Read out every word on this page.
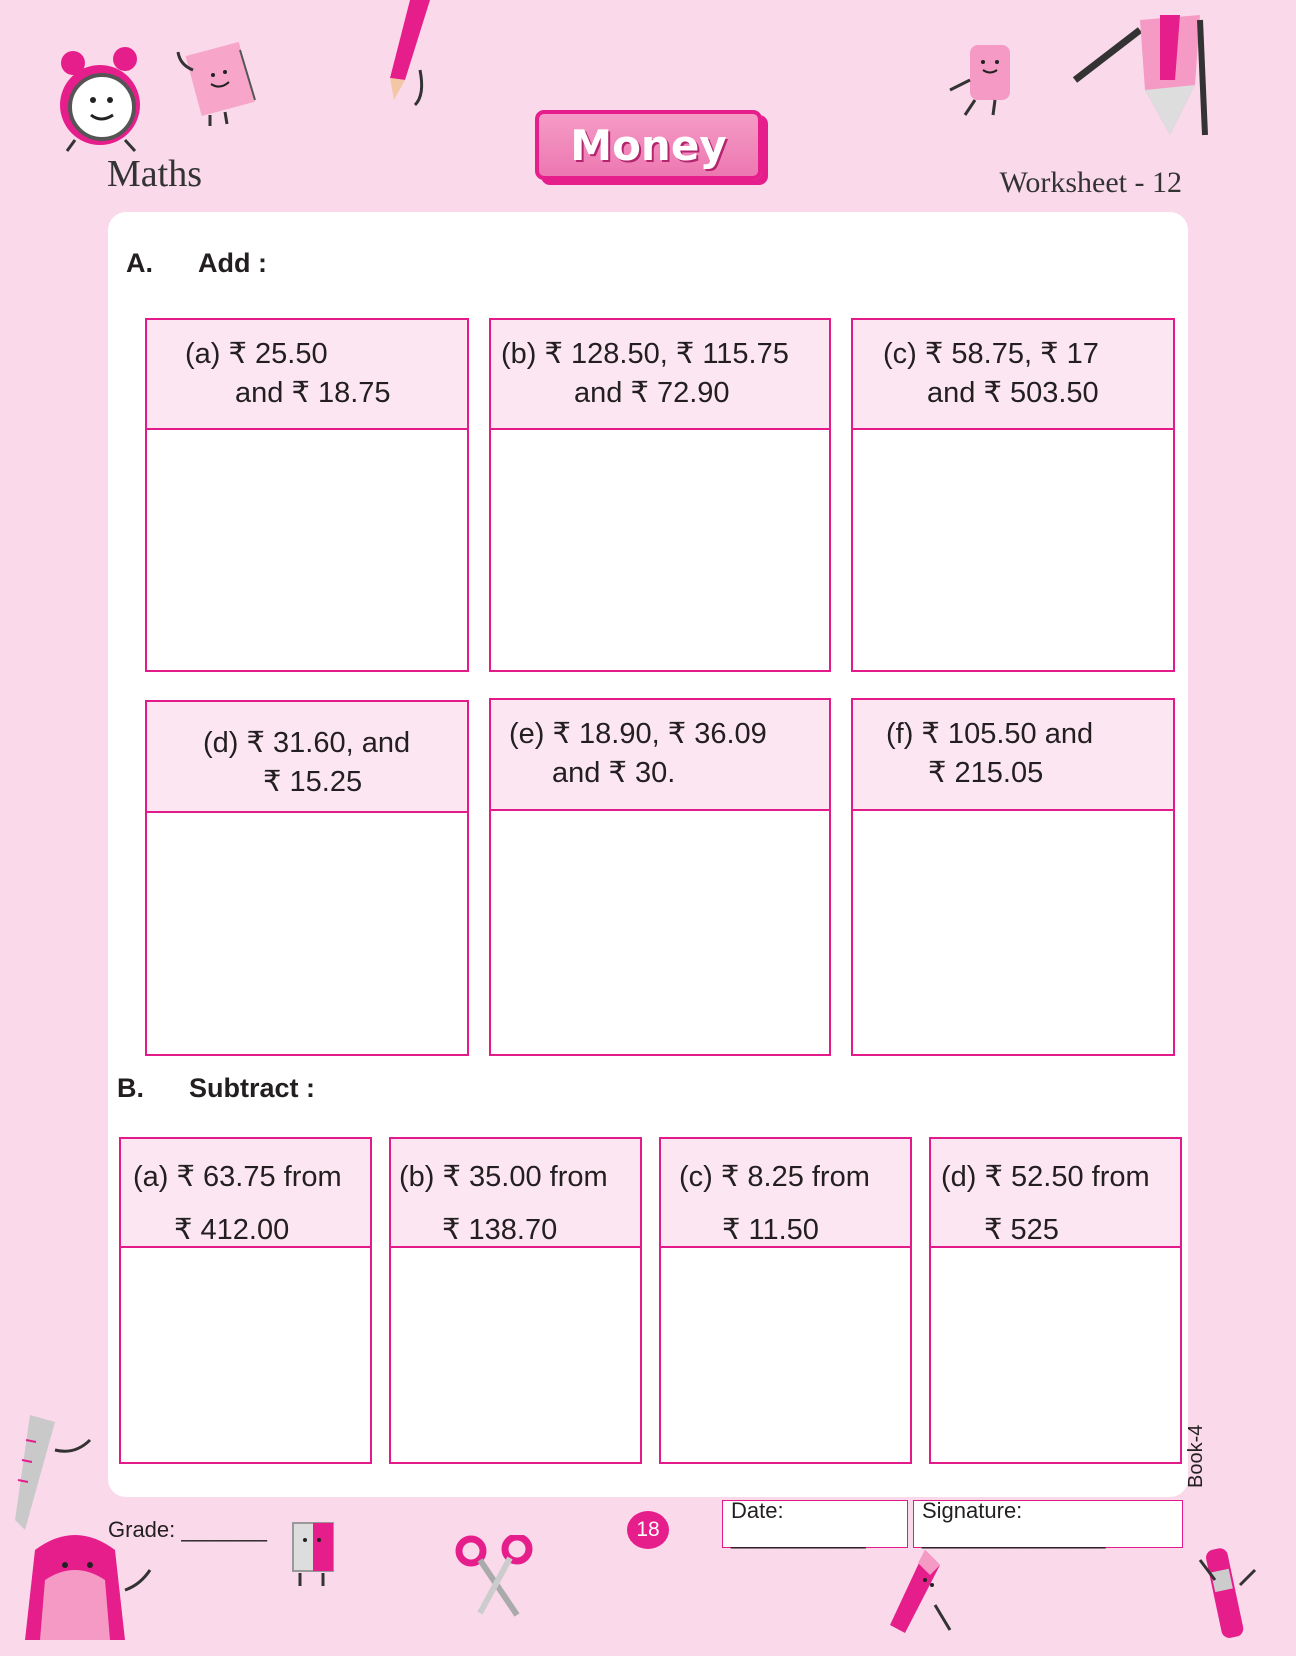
Maths
Money
Worksheet - 12
A. Add :
(a) ₹ 25.50
and ₹ 18.75
(b) ₹ 128.50, ₹ 115.75
and ₹ 72.90
(c) ₹ 58.75, ₹ 17
and ₹ 503.50
(d) ₹ 31.60, and
₹ 15.25
(e) ₹ 18.90, ₹ 36.09
and ₹ 30.
(f) ₹ 105.50 and
₹ 215.05
B. Subtract :
(a) ₹ 63.75 from
₹ 412.00
(b) ₹ 35.00 from
₹ 138.70
(c) ₹ 8.25 from
₹ 11.50
(d) ₹ 52.50 from
₹ 525
Book-4
Grade: _______	18
Date: ___________
Signature: _______________
